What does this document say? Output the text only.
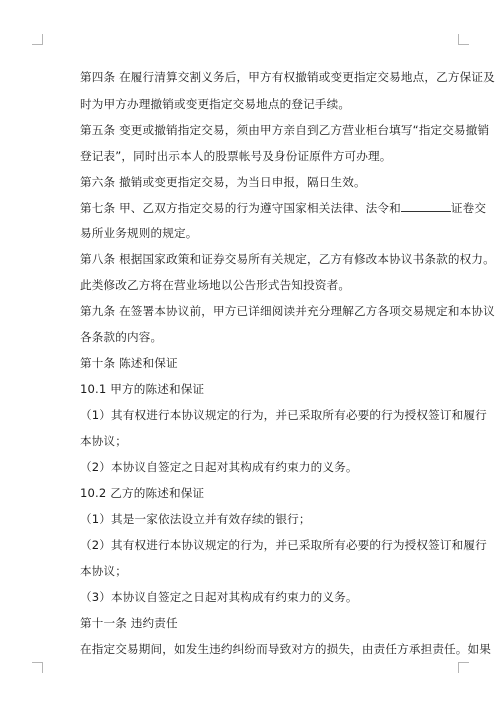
第四条 在履行清算交割义务后，甲方有权撤销或变更指定交易地点，乙方保证及
时为甲方办理撤销或变更指定交易地点的登记手续。
第五条 变更或撤销指定交易，须由甲方亲自到乙方营业柜台填写“指定交易撤销
登记表”，同时出示本人的股票帐号及身份证原件方可办理。
第六条 撤销或变更指定交易，为当日申报，隔日生效。
第七条 甲、乙双方指定交易的行为遵守国家相关法律、法令和	证卷交
易所业务规则的规定。
第八条 根据国家政策和证券交易所有关规定，乙方有修改本协议书条款的权力。
此类修改乙方将在营业场地以公告形式告知投资者。
第九条 在签署本协议前，甲方已详细阅读并充分理解乙方各项交易规定和本协议
各条款的内容。
第十条 陈述和保证
10.1 甲方的陈述和保证
（1）其有权进行本协议规定的行为，并已采取所有必要的行为授权签订和履行
本协议；
（2）本协议自签定之日起对其构成有约束力的义务。
10.2 乙方的陈述和保证
（1）其是一家依法设立并有效存续的银行；
（2）其有权进行本协议规定的行为，并已采取所有必要的行为授权签订和履行
本协议；
（3）本协议自签定之日起对其构成有约束力的义务。
第十一条 违约责任
在指定交易期间，如发生违约纠纷而导致对方的损失，由责任方承担责任。如果
